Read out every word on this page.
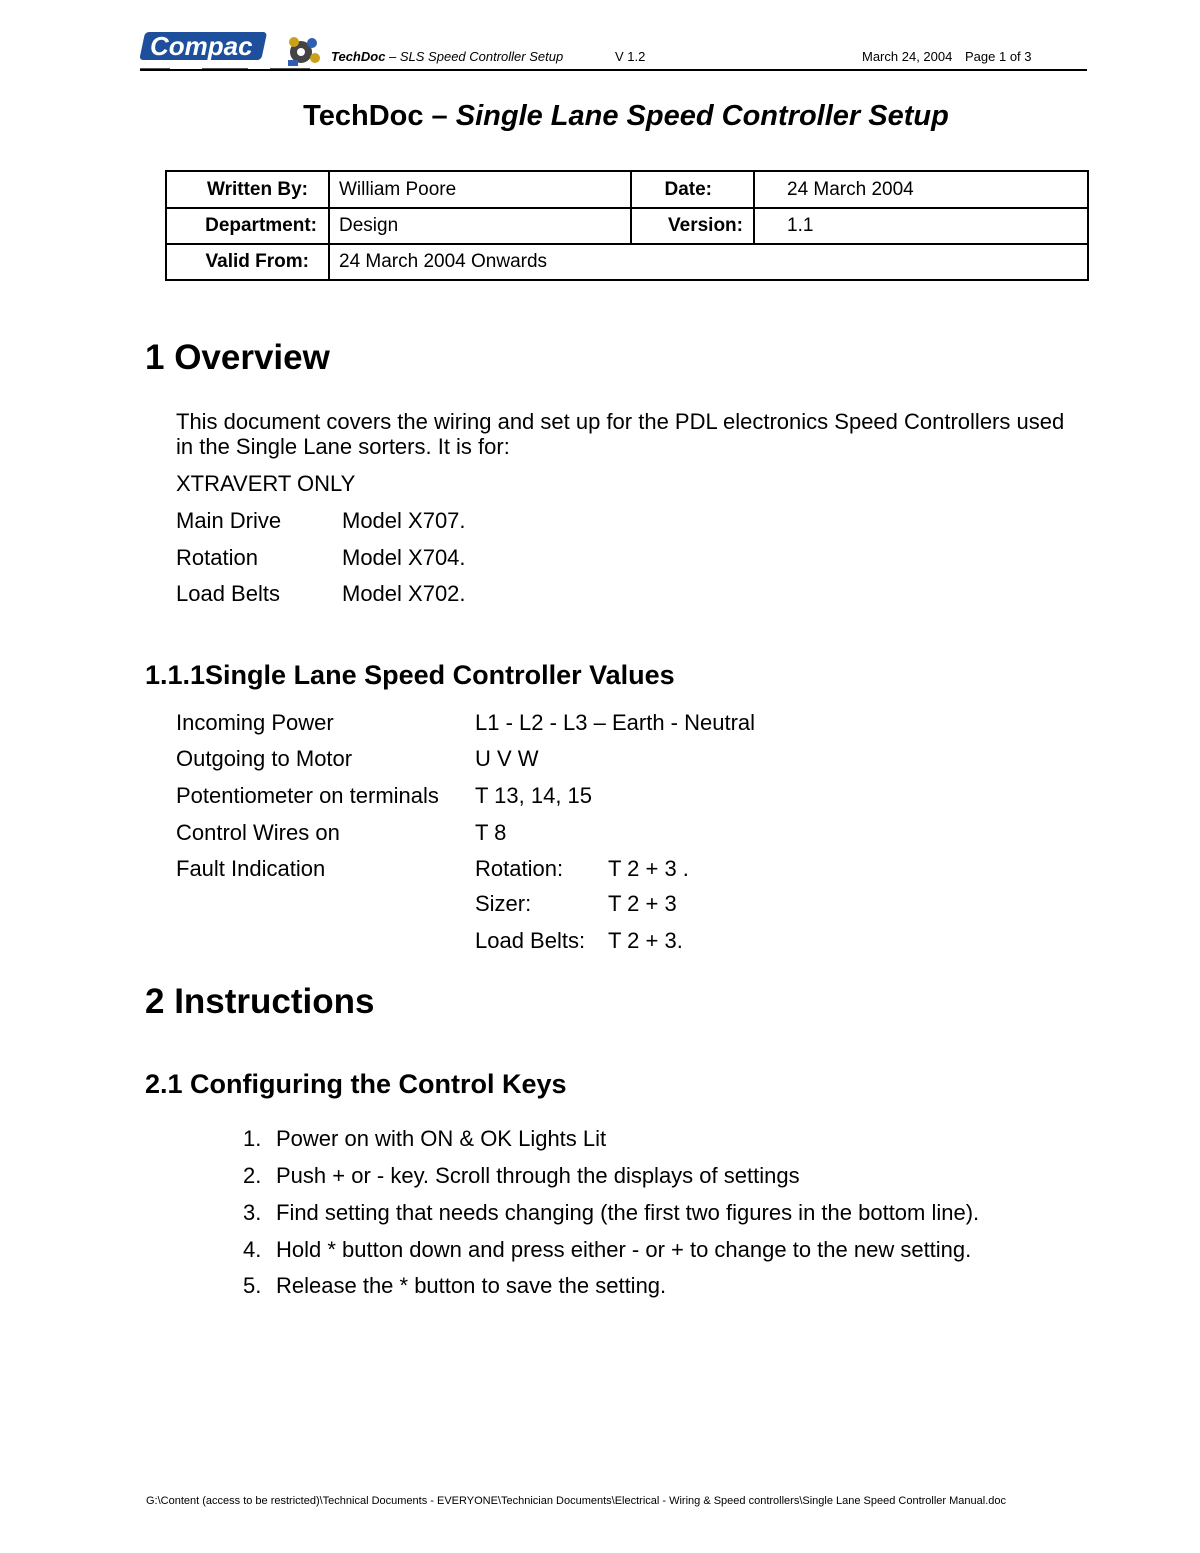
Compac	TechDoc – SLS Speed Controller Setup	V 1.2	March 24, 2004 Page 1 of 3
TechDoc – Single Lane Speed Controller Setup
Written By: William Poore	Date:	24 March 2004
Department: Design	Version: 1.1
Valid From: 24 March 2004 Onwards
1 Overview
This document covers the wiring and set up for the PDL electronics Speed Controllers used
in the Single Lane sorters. It is for:
XTRAVERT ONLY
Main Drive	Model X707.
Rotation	Model X704.
Load Belts	Model X702.
1.1.1Single Lane Speed Controller Values
Incoming Power	L1 - L2 - L3 – Earth - Neutral
Outgoing to Motor	U V W
Potentiometer on terminals T 13, 14, 15
Control Wires on	T 8
Fault Indication	Rotation: T 2 + 3 .
Sizer:	T 2 + 3
Load Belts: T 2 + 3.
2 Instructions
2.1 Configuring the Control Keys
1. Power on with ON & OK Lights Lit
2. Push + or - key. Scroll through the displays of settings
3. Find setting that needs changing (the first two figures in the bottom line).
4. Hold * button down and press either - or + to change to the new setting.
5. Release the * button to save the setting.
G:\Content (access to be restricted)\Technical Documents - EVERYONE\Technician Documents\Electrical - Wiring & Speed controllers\Single Lane Speed Controller Manual.doc
